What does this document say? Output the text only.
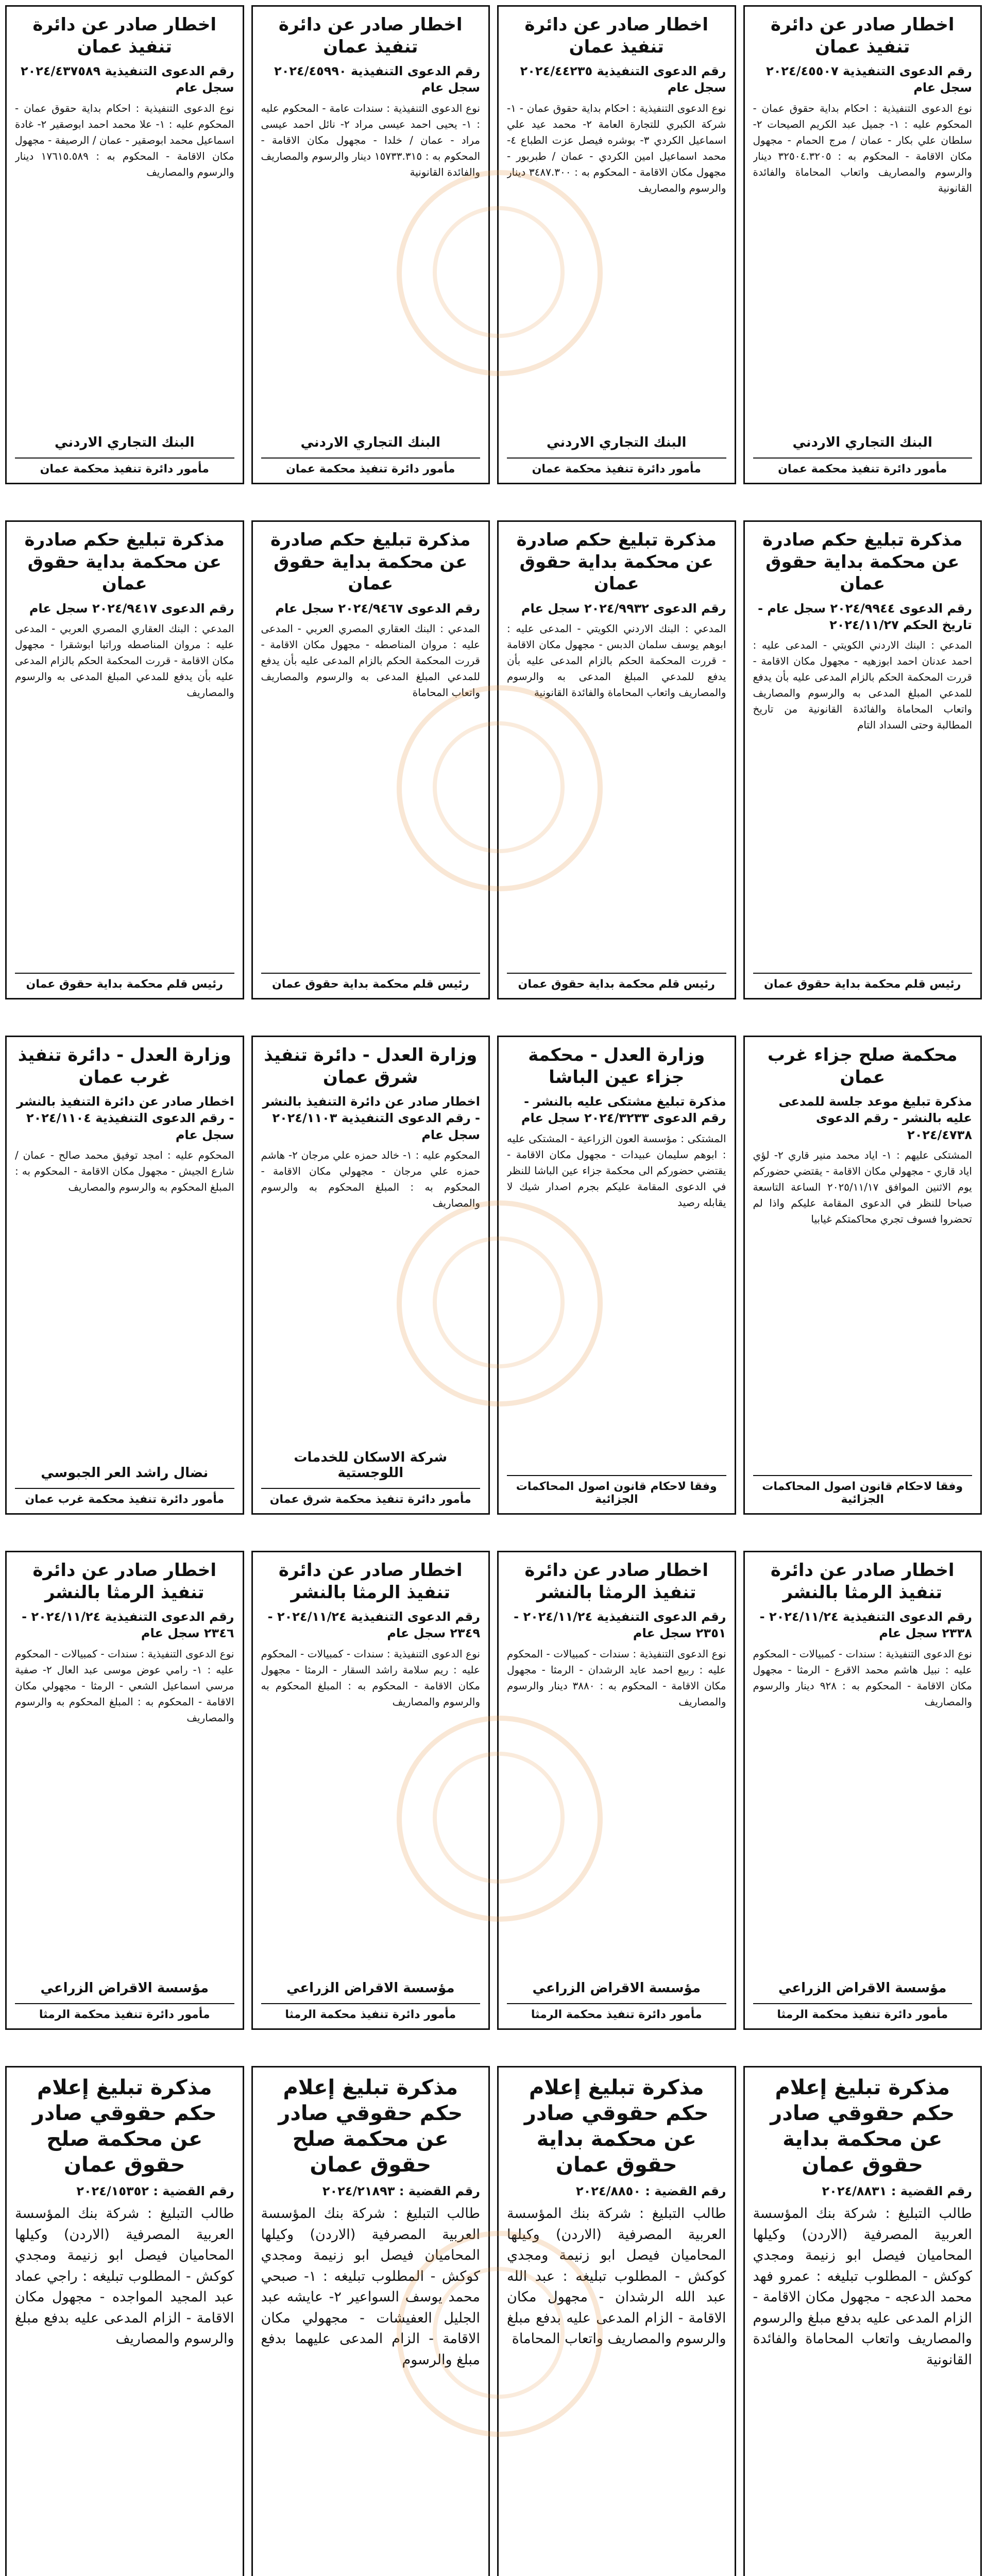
اخطار صادر عن دائرة تنفيذ عمان
رقم الدعوى التنفيذية ٢٠٢٤/٤٥٥٠٧ سجل عام
نوع الدعوى التنفيذية : احكام بداية حقوق عمان - المحكوم عليه : ١- جميل عبد الكريم الصيحات ٢- سلطان علي بكار - عمان / مرج الحمام - مجهول مكان الاقامة - المحكوم به : ٣٢٥٠٤.٣٢٠٥ دينار والرسوم والمصاريف واتعاب المحاماة والفائدة القانونية
البنك التجاري الاردني
مأمور دائرة تنفيذ محكمة عمان
اخطار صادر عن دائرة تنفيذ عمان
رقم الدعوى التنفيذية ٢٠٢٤/٤٤٢٣٥ سجل عام
نوع الدعوى التنفيذية : احكام بداية حقوق عمان - ١- شركة الكبري للتجارة العامة ٢- محمد عيد علي اسماعيل الكردي ٣- بوشره فيصل عزت الطباع ٤- محمد اسماعيل امين الكردي - عمان / طبربور - مجهول مكان الاقامة - المحكوم به : ٣٤٨٧.٣٠٠ دينار والرسوم والمصاريف
البنك التجاري الاردني
مأمور دائرة تنفيذ محكمة عمان
اخطار صادر عن دائرة تنفيذ عمان
رقم الدعوى التنفيذية ٢٠٢٤/٤٥٩٩٠ سجل عام
نوع الدعوى التنفيذية : سندات عامة - المحكوم عليه : ١- يحيى احمد عيسى مراد ٢- نائل احمد عيسى مراد - عمان / خلدا - مجهول مكان الاقامة - المحكوم به : ١٥٧٣٣.٣١٥ دينار والرسوم والمصاريف والفائدة القانونية
البنك التجاري الاردني
مأمور دائرة تنفيذ محكمة عمان
اخطار صادر عن دائرة تنفيذ عمان
رقم الدعوى التنفيذية ٢٠٢٤/٤٣٧٥٨٩ سجل عام
نوع الدعوى التنفيذية : احكام بداية حقوق عمان - المحكوم عليه : ١- علا محمد احمد ابوصقير ٢- غادة اسماعيل محمد ابوصقير - عمان / الرصيفة - مجهول مكان الاقامة - المحكوم به : ١٧٦١٥.٥٨٩ دينار والرسوم والمصاريف
البنك التجاري الاردني
مأمور دائرة تنفيذ محكمة عمان
مذكرة تبليغ حكم صادرة عن محكمة بداية حقوق عمان
رقم الدعوى ٢٠٢٤/٩٩٤٤ سجل عام - تاريخ الحكم ٢٠٢٤/١١/٢٧
المدعي : البنك الاردني الكويتي - المدعى عليه : احمد عدنان احمد ابوزهيه - مجهول مكان الاقامة - قررت المحكمة الحكم بالزام المدعى عليه بأن يدفع للمدعي المبلغ المدعى به والرسوم والمصاريف واتعاب المحاماة والفائدة القانونية من تاريخ المطالبة وحتى السداد التام
رئيس قلم محكمة بداية حقوق عمان
مذكرة تبليغ حكم صادرة عن محكمة بداية حقوق عمان
رقم الدعوى ٢٠٢٤/٩٩٣٢ سجل عام
المدعي : البنك الاردني الكويتي - المدعى عليه : ابوهم يوسف سلمان الدبس - مجهول مكان الاقامة - قررت المحكمة الحكم بالزام المدعى عليه بأن يدفع للمدعي المبلغ المدعى به والرسوم والمصاريف واتعاب المحاماة والفائدة القانونية
رئيس قلم محكمة بداية حقوق عمان
مذكرة تبليغ حكم صادرة عن محكمة بداية حقوق عمان
رقم الدعوى ٢٠٢٤/٩٤٦٧ سجل عام
المدعي : البنك العقاري المصري العربي - المدعى عليه : مروان المناصطه - مجهول مكان الاقامة - قررت المحكمة الحكم بالزام المدعى عليه بأن يدفع للمدعي المبلغ المدعى به والرسوم والمصاريف واتعاب المحاماة
رئيس قلم محكمة بداية حقوق عمان
مذكرة تبليغ حكم صادرة عن محكمة بداية حقوق عمان
رقم الدعوى ٢٠٢٤/٩٤١٧ سجل عام
المدعي : البنك العقاري المصري العربي - المدعى عليه : مروان المناصطه وراتبا ابوشقرا - مجهول مكان الاقامة - قررت المحكمة الحكم بالزام المدعى عليه بأن يدفع للمدعي المبلغ المدعى به والرسوم والمصاريف
رئيس قلم محكمة بداية حقوق عمان
محكمة صلح جزاء غرب عمان
مذكرة تبليغ موعد جلسة للمدعى عليه بالنشر - رقم الدعوى ٢٠٢٤/٤٧٣٨
المشتكى عليهم : ١- اياد محمد منير قاري ٢- لؤي اياد قاري - مجهولي مكان الاقامة - يقتضي حضوركم يوم الاثنين الموافق ٢٠٢٥/١١/١٧ الساعة التاسعة صباحا للنظر في الدعوى المقامة عليكم واذا لم تحضروا فسوف تجري محاكمتكم غيابيا
وفقا لاحكام قانون اصول المحاكمات الجزائية
وزارة العدل - محكمة جزاء عين الباشا
مذكرة تبليغ مشتكى عليه بالنشر - رقم الدعوى ٢٠٢٤/٣٢٣٣ سجل عام
المشتكى : مؤسسة العون الزراعية - المشتكى عليه : ابوهم سليمان عبيدات - مجهول مكان الاقامة - يقتضي حضوركم الى محكمة جزاء عين الباشا للنظر في الدعوى المقامة عليكم بجرم اصدار شيك لا يقابله رصيد
وفقا لاحكام قانون اصول المحاكمات الجزائية
وزارة العدل - دائرة تنفيذ شرق عمان
اخطار صادر عن دائرة التنفيذ بالنشر - رقم الدعوى التنفيذية ٢٠٢٤/١١٠٣ سجل عام
المحكوم عليه : ١- خالد حمزه علي مرجان ٢- هاشم حمزه علي مرجان - مجهولي مكان الاقامة - المحكوم به : المبلغ المحكوم به والرسوم والمصاريف
شركة الاسكان للخدمات اللوجستية
مأمور دائرة تنفيذ محكمة شرق عمان
وزارة العدل - دائرة تنفيذ غرب عمان
اخطار صادر عن دائرة التنفيذ بالنشر - رقم الدعوى التنفيذية ٢٠٢٤/١١٠٤ سجل عام
المحكوم عليه : امجد توفيق محمد صالح - عمان / شارع الجيش - مجهول مكان الاقامة - المحكوم به : المبلغ المحكوم به والرسوم والمصاريف
نضال راشد العر الجبوسي
مأمور دائرة تنفيذ محكمة غرب عمان
اخطار صادر عن دائرة تنفيذ الرمثا بالنشر
رقم الدعوى التنفيذية ٢٠٢٤/١١/٢٤ - ٢٣٣٨ سجل عام
نوع الدعوى التنفيذية : سندات - كمبيالات - المحكوم عليه : نبيل هاشم محمد الاقرع - الرمثا - مجهول مكان الاقامة - المحكوم به : ٩٢٨ دينار والرسوم والمصاريف
مؤسسة الاقراض الزراعي
مأمور دائرة تنفيذ محكمة الرمثا
اخطار صادر عن دائرة تنفيذ الرمثا بالنشر
رقم الدعوى التنفيذية ٢٠٢٤/١١/٢٤ - ٢٣٥١ سجل عام
نوع الدعوى التنفيذية : سندات - كمبيالات - المحكوم عليه : ربيع احمد عايد الرشدان - الرمثا - مجهول مكان الاقامة - المحكوم به : ٣٨٨٠ دينار والرسوم والمصاريف
مؤسسة الاقراض الزراعي
مأمور دائرة تنفيذ محكمة الرمثا
اخطار صادر عن دائرة تنفيذ الرمثا بالنشر
رقم الدعوى التنفيذية ٢٠٢٤/١١/٢٤ - ٢٣٤٩ سجل عام
نوع الدعوى التنفيذية : سندات - كمبيالات - المحكوم عليه : ريم سلامة راشد السقار - الرمثا - مجهول مكان الاقامة - المحكوم به : المبلغ المحكوم به والرسوم والمصاريف
مؤسسة الاقراض الزراعي
مأمور دائرة تنفيذ محكمة الرمثا
اخطار صادر عن دائرة تنفيذ الرمثا بالنشر
رقم الدعوى التنفيذية ٢٠٢٤/١١/٢٤ - ٢٣٤٦ سجل عام
نوع الدعوى التنفيذية : سندات - كمبيالات - المحكوم عليه : ١- رامي عوض موسى عبد العال ٢- صفية مرسي اسماعيل الشعي - الرمثا - مجهولي مكان الاقامة - المحكوم به : المبلغ المحكوم به والرسوم والمصاريف
مؤسسة الاقراض الزراعي
مأمور دائرة تنفيذ محكمة الرمثا
مذكرة تبليغ إعلام حكم حقوقي صادر عن محكمة بداية حقوق عمان
رقم القضية : ٢٠٢٤/٨٨٣١
طالب التبليغ : شركة بنك المؤسسة العربية المصرفية (الاردن) وكيلها المحاميان فيصل ابو زنيمة ومجدي كوكش - المطلوب تبليغه : عمرو فهد محمد الدعجه - مجهول مكان الاقامة - الزام المدعى عليه بدفع مبلغ والرسوم والمصاريف واتعاب المحاماة والفائدة القانونية
مذكرة تبليغ إعلام حكم حقوقي صادر عن محكمة بداية حقوق عمان
رقم القضية : ٢٠٢٤/٨٨٥٠
طالب التبليغ : شركة بنك المؤسسة العربية المصرفية (الاردن) وكيلها المحاميان فيصل ابو زنيمة ومجدي كوكش - المطلوب تبليغه : عبد الله عبد الله الرشدان - مجهول مكان الاقامة - الزام المدعى عليه بدفع مبلغ والرسوم والمصاريف واتعاب المحاماة
مذكرة تبليغ إعلام حكم حقوقي صادر عن محكمة صلح حقوق عمان
رقم القضية : ٢٠٢٤/٢١٨٩٣
طالب التبليغ : شركة بنك المؤسسة العربية المصرفية (الاردن) وكيلها المحاميان فيصل ابو زنيمة ومجدي كوكش - المطلوب تبليغه : ١- صبحي محمد يوسف السواعير ٢- عايشه عبد الجليل العفيشات - مجهولي مكان الاقامة - الزام المدعى عليهما بدفع مبلغ والرسوم
مذكرة تبليغ إعلام حكم حقوقي صادر عن محكمة صلح حقوق عمان
رقم القضية : ٢٠٢٤/١٥٣٥٢
طالب التبليغ : شركة بنك المؤسسة العربية المصرفية (الاردن) وكيلها المحاميان فيصل ابو زنيمة ومجدي كوكش - المطلوب تبليغه : راجي عماد عبد المجيد المواجده - مجهول مكان الاقامة - الزام المدعى عليه بدفع مبلغ والرسوم والمصاريف
